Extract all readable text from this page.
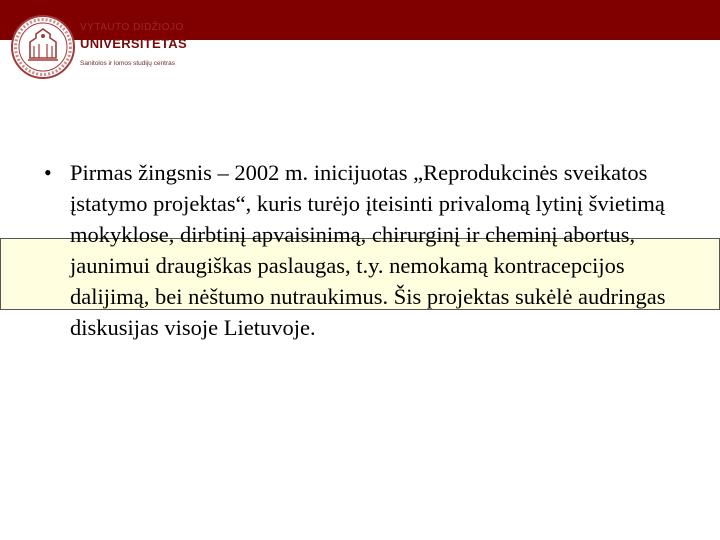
VYTAUTO DIDŽIOJO
UNIVERSITETAS
Sanitolos ir lomos studijų centras
• Pirmas žingsnis – 2002 m. inicijuotas „Reprodukcinės sveikatos įstatymo projektas“, kuris turėjo įteisinti privalomą lytinį švietimą mokyklose, dirbtinį apvaisinimą, chirurginį ir cheminį abortus, jaunimui draugiškas paslaugas, t.y. nemokamą kontracepcijos dalijimą, bei nėštumo nutraukimus. Šis projektas sukėlė audringas diskusijas visoje Lietuvoje.
